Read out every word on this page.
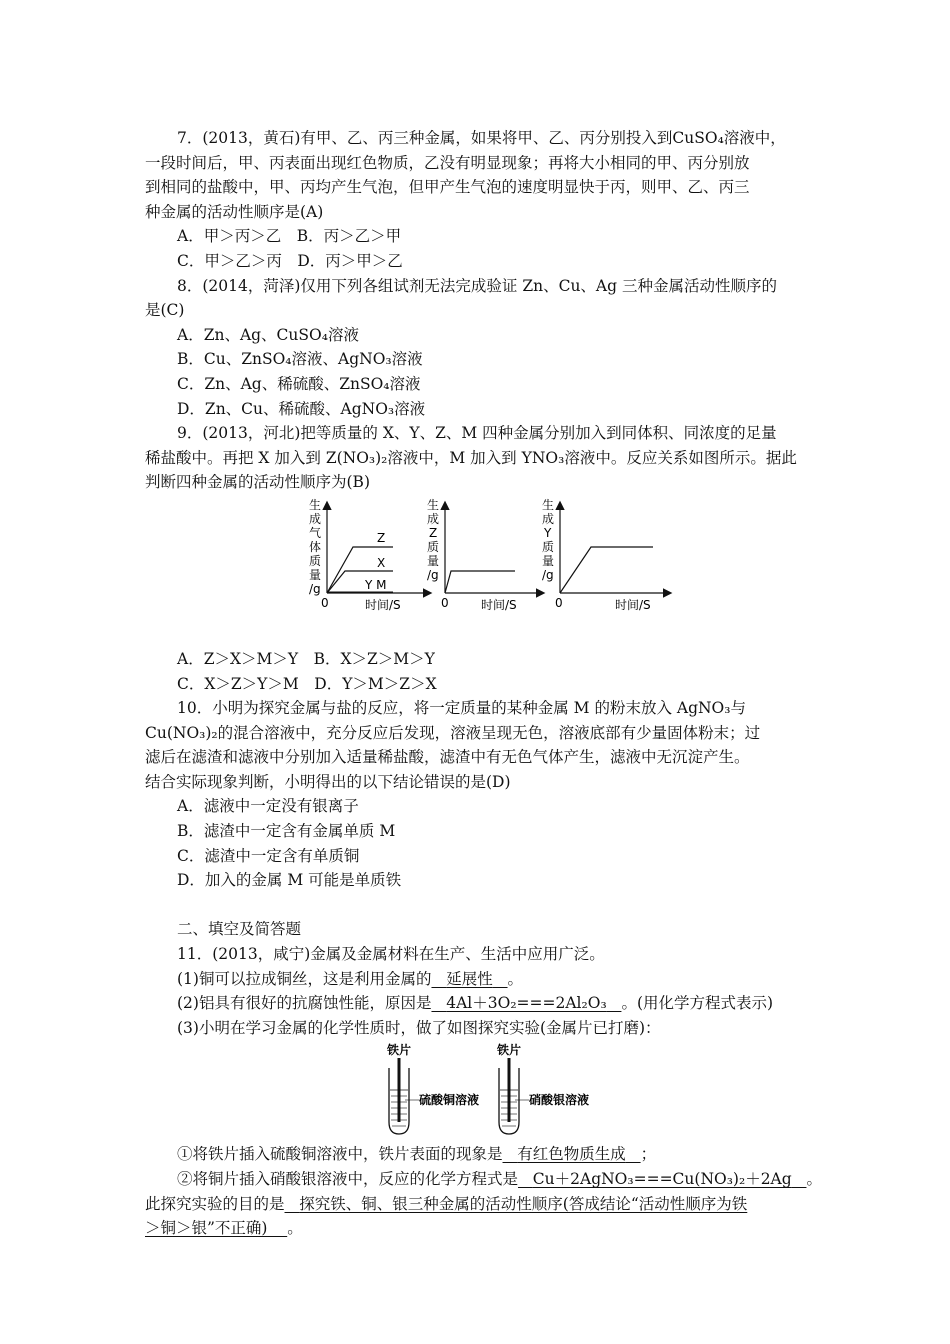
7．(2013，黄石)有甲、乙、丙三种金属，如果将甲、乙、丙分别投入到CuSO₄溶液中，
一段时间后，甲、丙表面出现红色物质，乙没有明显现象；再将大小相同的甲、丙分别放
到相同的盐酸中，甲、丙均产生气泡，但甲产生气泡的速度明显快于丙，则甲、乙、丙三
种金属的活动性顺序是(A)
A．甲＞丙＞乙　B．丙＞乙＞甲
C．甲＞乙＞丙　D．丙＞甲＞乙
8．(2014，菏泽)仅用下列各组试剂无法完成验证 Zn、Cu、Ag 三种金属活动性顺序的
是(C)
A．Zn、Ag、CuSO₄溶液
B．Cu、ZnSO₄溶液、AgNO₃溶液
C．Zn、Ag、稀硫酸、ZnSO₄溶液
D．Zn、Cu、稀硫酸、AgNO₃溶液
9．(2013，河北)把等质量的 X、Y、Z、M 四种金属分别加入到同体积、同浓度的足量
稀盐酸中。再把 X 加入到 Z(NO₃)₂溶液中，M 加入到 YNO₃溶液中。反应关系如图所示。据此
判断四种金属的活动性顺序为(B)
Z
X
Y M
0	时间/S
生
成
气
体
质
量
/g
0	时间/S
生
成
Z
质
量
/g
0	时间/S
生
成
Y
质
量
/g
A．Z＞X＞M＞Y　B．X＞Z＞M＞Y
C．X＞Z＞Y＞M　D．Y＞M＞Z＞X
10．小明为探究金属与盐的反应，将一定质量的某种金属 M 的粉末放入 AgNO₃与
Cu(NO₃)₂的混合溶液中，充分反应后发现，溶液呈现无色，溶液底部有少量固体粉末；过
滤后在滤渣和滤液中分别加入适量稀盐酸，滤渣中有无色气体产生，滤液中无沉淀产生。
结合实际现象判断，小明得出的以下结论错误的是(D)
A．滤液中一定没有银离子
B．滤渣中一定含有金属单质 M
C．滤渣中一定含有单质铜
D．加入的金属 M 可能是单质铁
二、填空及简答题
11．(2013，咸宁)金属及金属材料在生产、生活中应用广泛。
(1)铜可以拉成铜丝，这是利用金属的 延展性 。
(2)铝具有很好的抗腐蚀性能，原因是 4Al＋3O₂===2Al₂O₃ 。(用化学方程式表示)
(3)小明在学习金属的化学性质时，做了如图探究实验(金属片已打磨)：
铁片
硫酸铜溶液
铁片
硝酸银溶液
①将铁片插入硫酸铜溶液中，铁片表面的现象是 有红色物质生成 ；
②将铜片插入硝酸银溶液中，反应的化学方程式是 Cu＋2AgNO₃===Cu(NO₃)₂＋2Ag 。
此探究实验的目的是 探究铁、铜、银三种金属的活动性顺序(答成结论“活动性顺序为铁
＞铜＞银”不正确) 。
